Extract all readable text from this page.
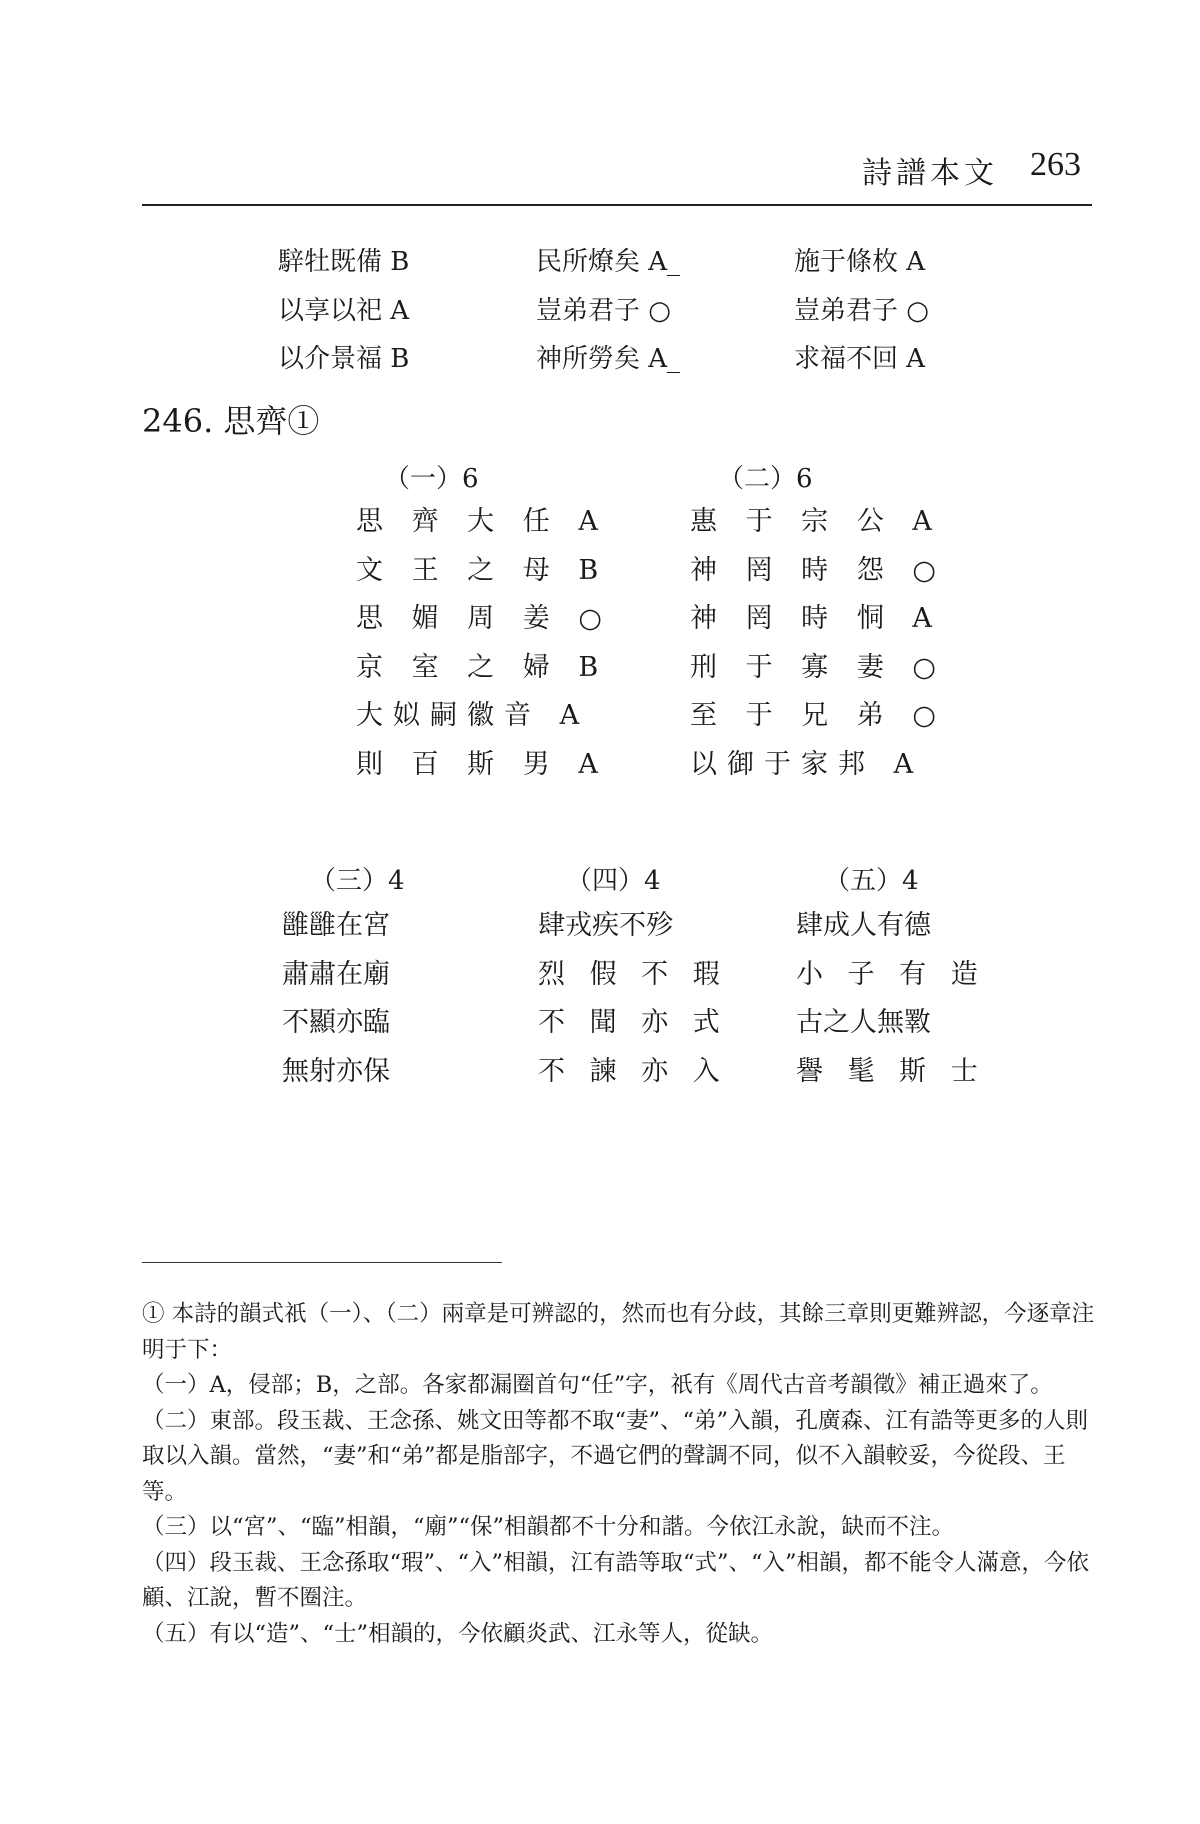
詩譜本文 263
騂牡既備 B
以享以祀 A
以介景福 B
民所燎矣 A_
豈弟君子 ○
神所勞矣 A_
施于條枚 A
豈弟君子 ○
求福不回 A
246. 思齊①
（一）6
思 齊 大 任 A
文 王 之 母 B
思 媚 周 姜 ○
京 室 之 婦 B
大姒嗣徽音 A
則 百 斯 男 A
（二）6
惠 于 宗 公 A
神 罔 時 怨 ○
神 罔 時 恫 A
刑 于 寡 妻 ○
至 于 兄 弟 ○
以御于家邦 A
（三）4
雝雝在宮
肅肅在廟
不顯亦臨
無射亦保
（四）4
肆戎疾不殄
烈 假 不 瑕
不 聞 亦 式
不 諫 亦 入
（五）4
肆成人有德
小 子 有 造
古之人無斁
譽 髦 斯 士

① 本詩的韻式祇（一）、（二）兩章是可辨認的，然而也有分歧，其餘三章則更難辨認，今逐章注明于下：

（一）A，侵部；B，之部。各家都漏圈首句“任”字，祇有《周代古音考韻徵》補正過來了。

（二）東部。段玉裁、王念孫、姚文田等都不取“妻”、“弟”入韻，孔廣森、江有誥等更多的人則取以入韻。當然，“妻”和“弟”都是脂部字，不過它們的聲調不同，似不入韻較妥，今從段、王等。

（三）以“宮”、“臨”相韻，“廟”“保”相韻都不十分和諧。今依江永說，缺而不注。

（四）段玉裁、王念孫取“瑕”、“入”相韻，江有誥等取“式”、“入”相韻，都不能令人滿意，今依顧、江說，暫不圈注。

（五）有以“造”、“士”相韻的，今依顧炎武、江永等人，從缺。
